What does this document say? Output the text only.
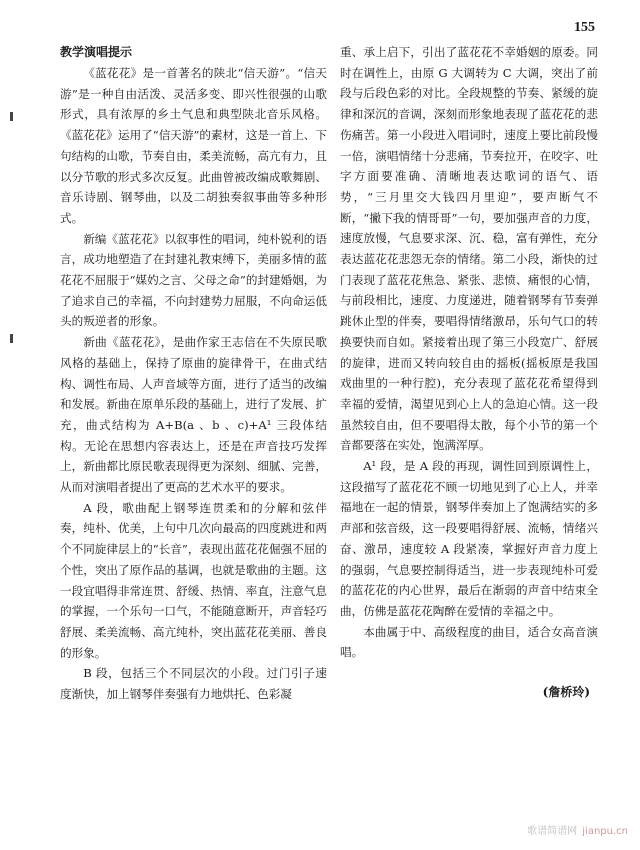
155

教学演唱提示

《蓝花花》是一首著名的陕北“信天游”。“信天游”是一种自由活泼、灵活多变、即兴性很强的山歌形式，具有浓厚的乡土气息和典型陕北音乐风格。《蓝花花》运用了“信天游”的素材，这是一首上、下句结构的山歌，节奏自由，柔美流畅，高亢有力，且以分节歌的形式多次反复。此曲曾被改编成歌舞剧、音乐诗剧、钢琴曲，以及二胡独奏叙事曲等多种形式。

新编《蓝花花》以叙事性的唱词，纯朴锐利的语言，成功地塑造了在封建礼教束缚下，美丽多情的蓝花花不屈服于“媒妁之言、父母之命”的封建婚姻，为了追求自己的幸福，不向封建势力屈服，不向命运低头的叛逆者的形象。

新曲《蓝花花》，是曲作家王志信在不失原民歌风格的基础上，保持了原曲的旋律骨干，在曲式结构、调性布局、人声音域等方面，进行了适当的改编和发展。新曲在原单乐段的基础上，进行了发展、扩充，曲式结构为 A+B(a 、b 、c)+A¹ 三段体结构。无论在思想内容表达上，还是在声音技巧发挥上，新曲都比原民歌表现得更为深刻、细腻、完善，从而对演唱者提出了更高的艺术水平的要求。

A 段，歌曲配上钢琴连贯柔和的分解和弦伴奏，纯朴、优美，上句中几次向最高的四度跳进和两个不同旋律层上的“长音”，表现出蓝花花倔强不屈的个性，突出了原作品的基调，也就是歌曲的主题。这一段宜唱得非常连贯、舒缓、热情、率直，注意气息的掌握，一个乐句一口气，不能随意断开，声音轻巧舒展、柔美流畅、高亢纯朴，突出蓝花花美丽、善良的形象。

B 段，包括三个不同层次的小段。过门引子速度渐快，加上钢琴伴奏强有力地烘托、色彩凝

重、承上启下，引出了蓝花花不幸婚姻的原委。同时在调性上，由原 G 大调转为 C 大调，突出了前段与后段色彩的对比。全段规整的节奏、紧缓的旋律和深沉的音调，深刻而形象地表现了蓝花花的悲伤痛苦。第一小段进入唱词时，速度上要比前段慢一倍，演唱情绪十分悲痛，节奏拉开，在咬字、吐字方面要准确、清晰地表达歌词的语气、语势，“三月里交大钱四月里迎”，要声断气不断，“撇下我的情哥哥”一句，要加强声音的力度，速度放慢，气息要求深、沉、稳，富有弹性，充分表达蓝花花悲怨无奈的情绪。第二小段，渐快的过门表现了蓝花花焦急、紧张、悲愤、痛恨的心情，与前段相比，速度、力度递进，随着钢琴有节奏弹跳休止型的伴奏，要唱得情绪激昂，乐句气口的转换要快而自如。紧接着出现了第三小段宽广、舒展的旋律，进而又转向较自由的摇板(摇板原是我国戏曲里的一种行腔)，充分表现了蓝花花希望得到幸福的爱情，渴望见到心上人的急迫心情。这一段虽然较自由，但不要唱得太散，每个小节的第一个音都要落在实处，饱满浑厚。

A¹ 段，是 A 段的再现，调性回到原调性上，这段描写了蓝花花不顾一切地见到了心上人，并幸福地在一起的情景，钢琴伴奏加上了饱满结实的多声部和弦音级，这一段要唱得舒展、流畅，情绪兴奋、激昂，速度较 A 段紧凑，掌握好声音力度上的强弱，气息要控制得适当，进一步表现纯朴可爱的蓝花花的内心世界，最后在渐弱的声音中结束全曲，仿佛是蓝花花陶醉在爱情的幸福之中。

本曲属于中、高级程度的曲目，适合女高音演唱。

(詹桥玲)
歌谱简谱网 jianpu.cn
